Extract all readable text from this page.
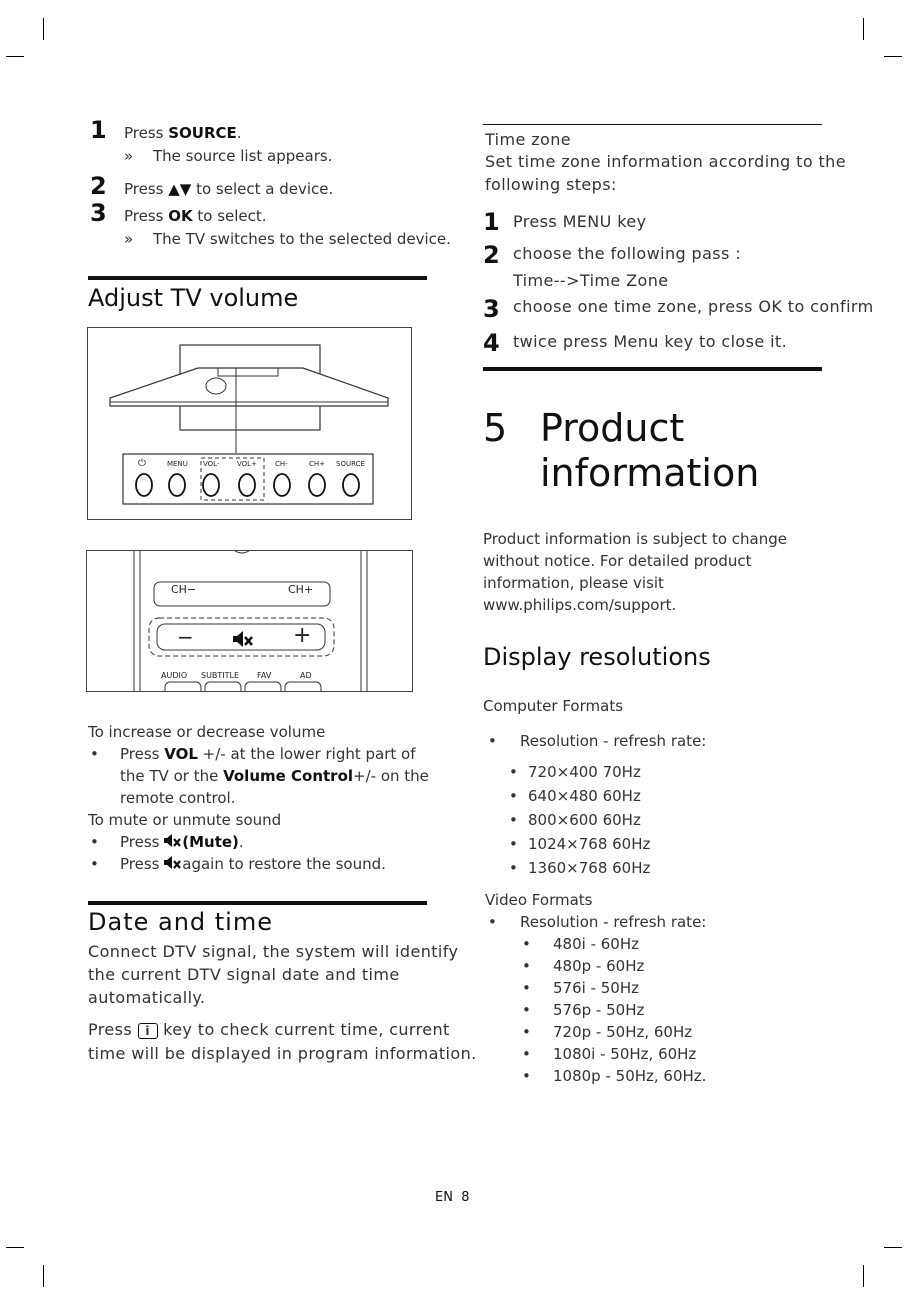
1 Press SOURCE.
» The source list appears.
2 Press ▲▼ to select a device.
3 Press OK to select.
» The TV switches to the selected device.
Adjust TV volume
⏻	MENU VOL-	VOL+	CH-	CH+ SOURCE
CH−	CH+
−	+
AUDIO SUBTITLE FAV	AD
To increase or decrease volume
• Press VOL +/- at the lower right part of
the TV or the Volume Control+/- on the
remote control.
To mute or unmute sound
• Press (Mute).
• Press again to restore the sound.
Date and time
Connect DTV signal, the system will identify
the current DTV signal date and time
automatically.
Press i key to check current time, current
time will be displayed in program information.
Time zone
Set time zone information according to the
following steps:
1 Press MENU key
2 choose the following pass :
Time-->Time Zone
3 choose one time zone, press OK to confirm
4 twice press Menu key to close it.
5 Product
information
Product information is subject to change
without notice. For detailed product
information, please visit
www.philips.com/support.
Display resolutions
Computer Formats
• Resolution - refresh rate:
• 720×400 70Hz
• 640×480 60Hz
• 800×600 60Hz
• 1024×768 60Hz
• 1360×768 60Hz
Video Formats
• Resolution - refresh rate:
• 480i - 60Hz
• 480p - 60Hz
• 576i - 50Hz
• 576p - 50Hz
• 720p - 50Hz, 60Hz
• 1080i - 50Hz, 60Hz
• 1080p - 50Hz, 60Hz.
EN 8
